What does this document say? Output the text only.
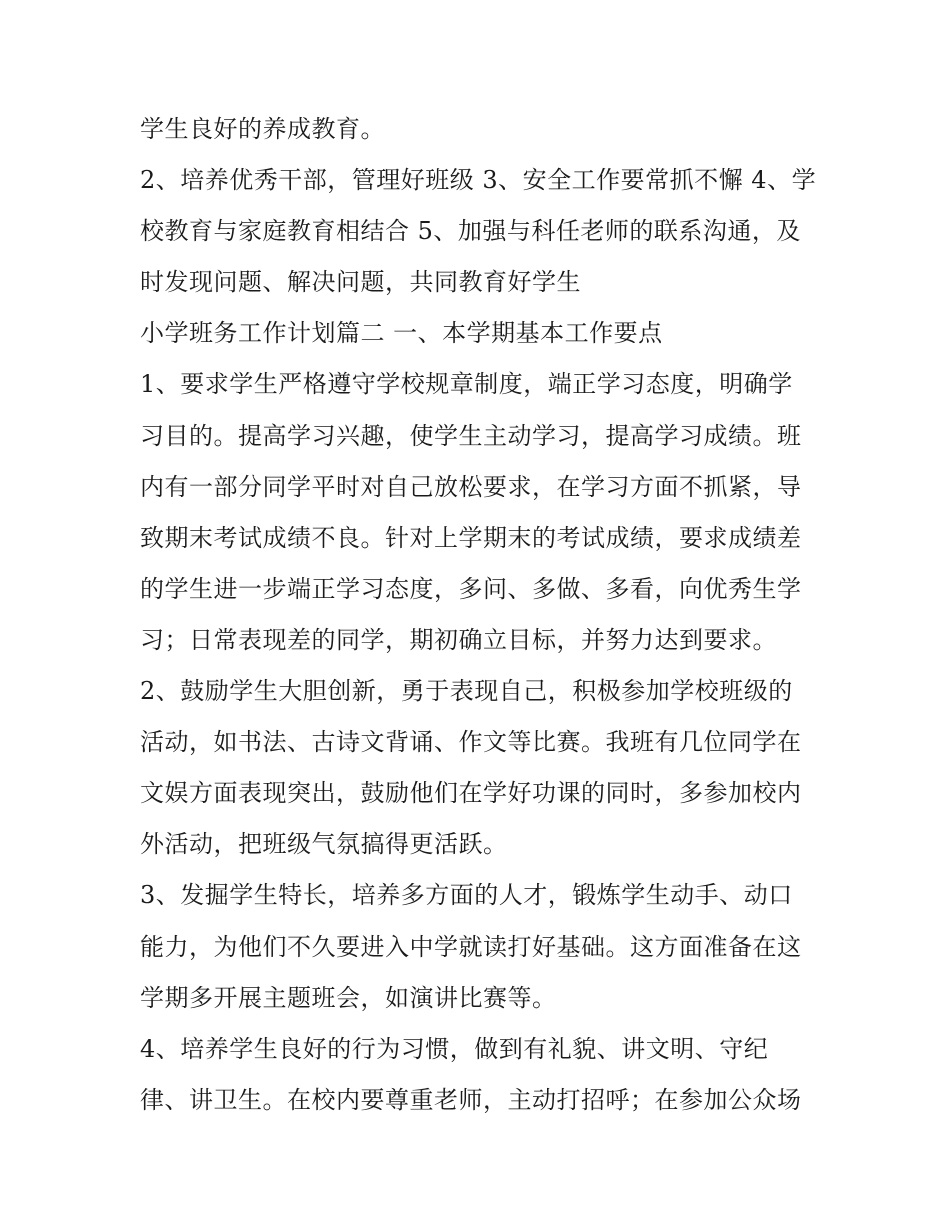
学生良好的养成教育。
2、培养优秀干部，管理好班级 3、安全工作要常抓不懈 4、学
校教育与家庭教育相结合 5、加强与科任老师的联系沟通，及
时发现问题、解决问题，共同教育好学生
小学班务工作计划篇二 一、本学期基本工作要点
1、要求学生严格遵守学校规章制度，端正学习态度，明确学
习目的。提高学习兴趣，使学生主动学习，提高学习成绩。班
内有一部分同学平时对自己放松要求，在学习方面不抓紧，导
致期末考试成绩不良。针对上学期末的考试成绩，要求成绩差
的学生进一步端正学习态度，多问、多做、多看，向优秀生学
习；日常表现差的同学，期初确立目标，并努力达到要求。
2、鼓励学生大胆创新，勇于表现自己，积极参加学校班级的
活动，如书法、古诗文背诵、作文等比赛。我班有几位同学在
文娱方面表现突出，鼓励他们在学好功课的同时，多参加校内
外活动，把班级气氛搞得更活跃。
3、发掘学生特长，培养多方面的人才，锻炼学生动手、动口
能力，为他们不久要进入中学就读打好基础。这方面准备在这
学期多开展主题班会，如演讲比赛等。
4、培养学生良好的行为习惯，做到有礼貌、讲文明、守纪
律、讲卫生。在校内要尊重老师，主动打招呼；在参加公众场
